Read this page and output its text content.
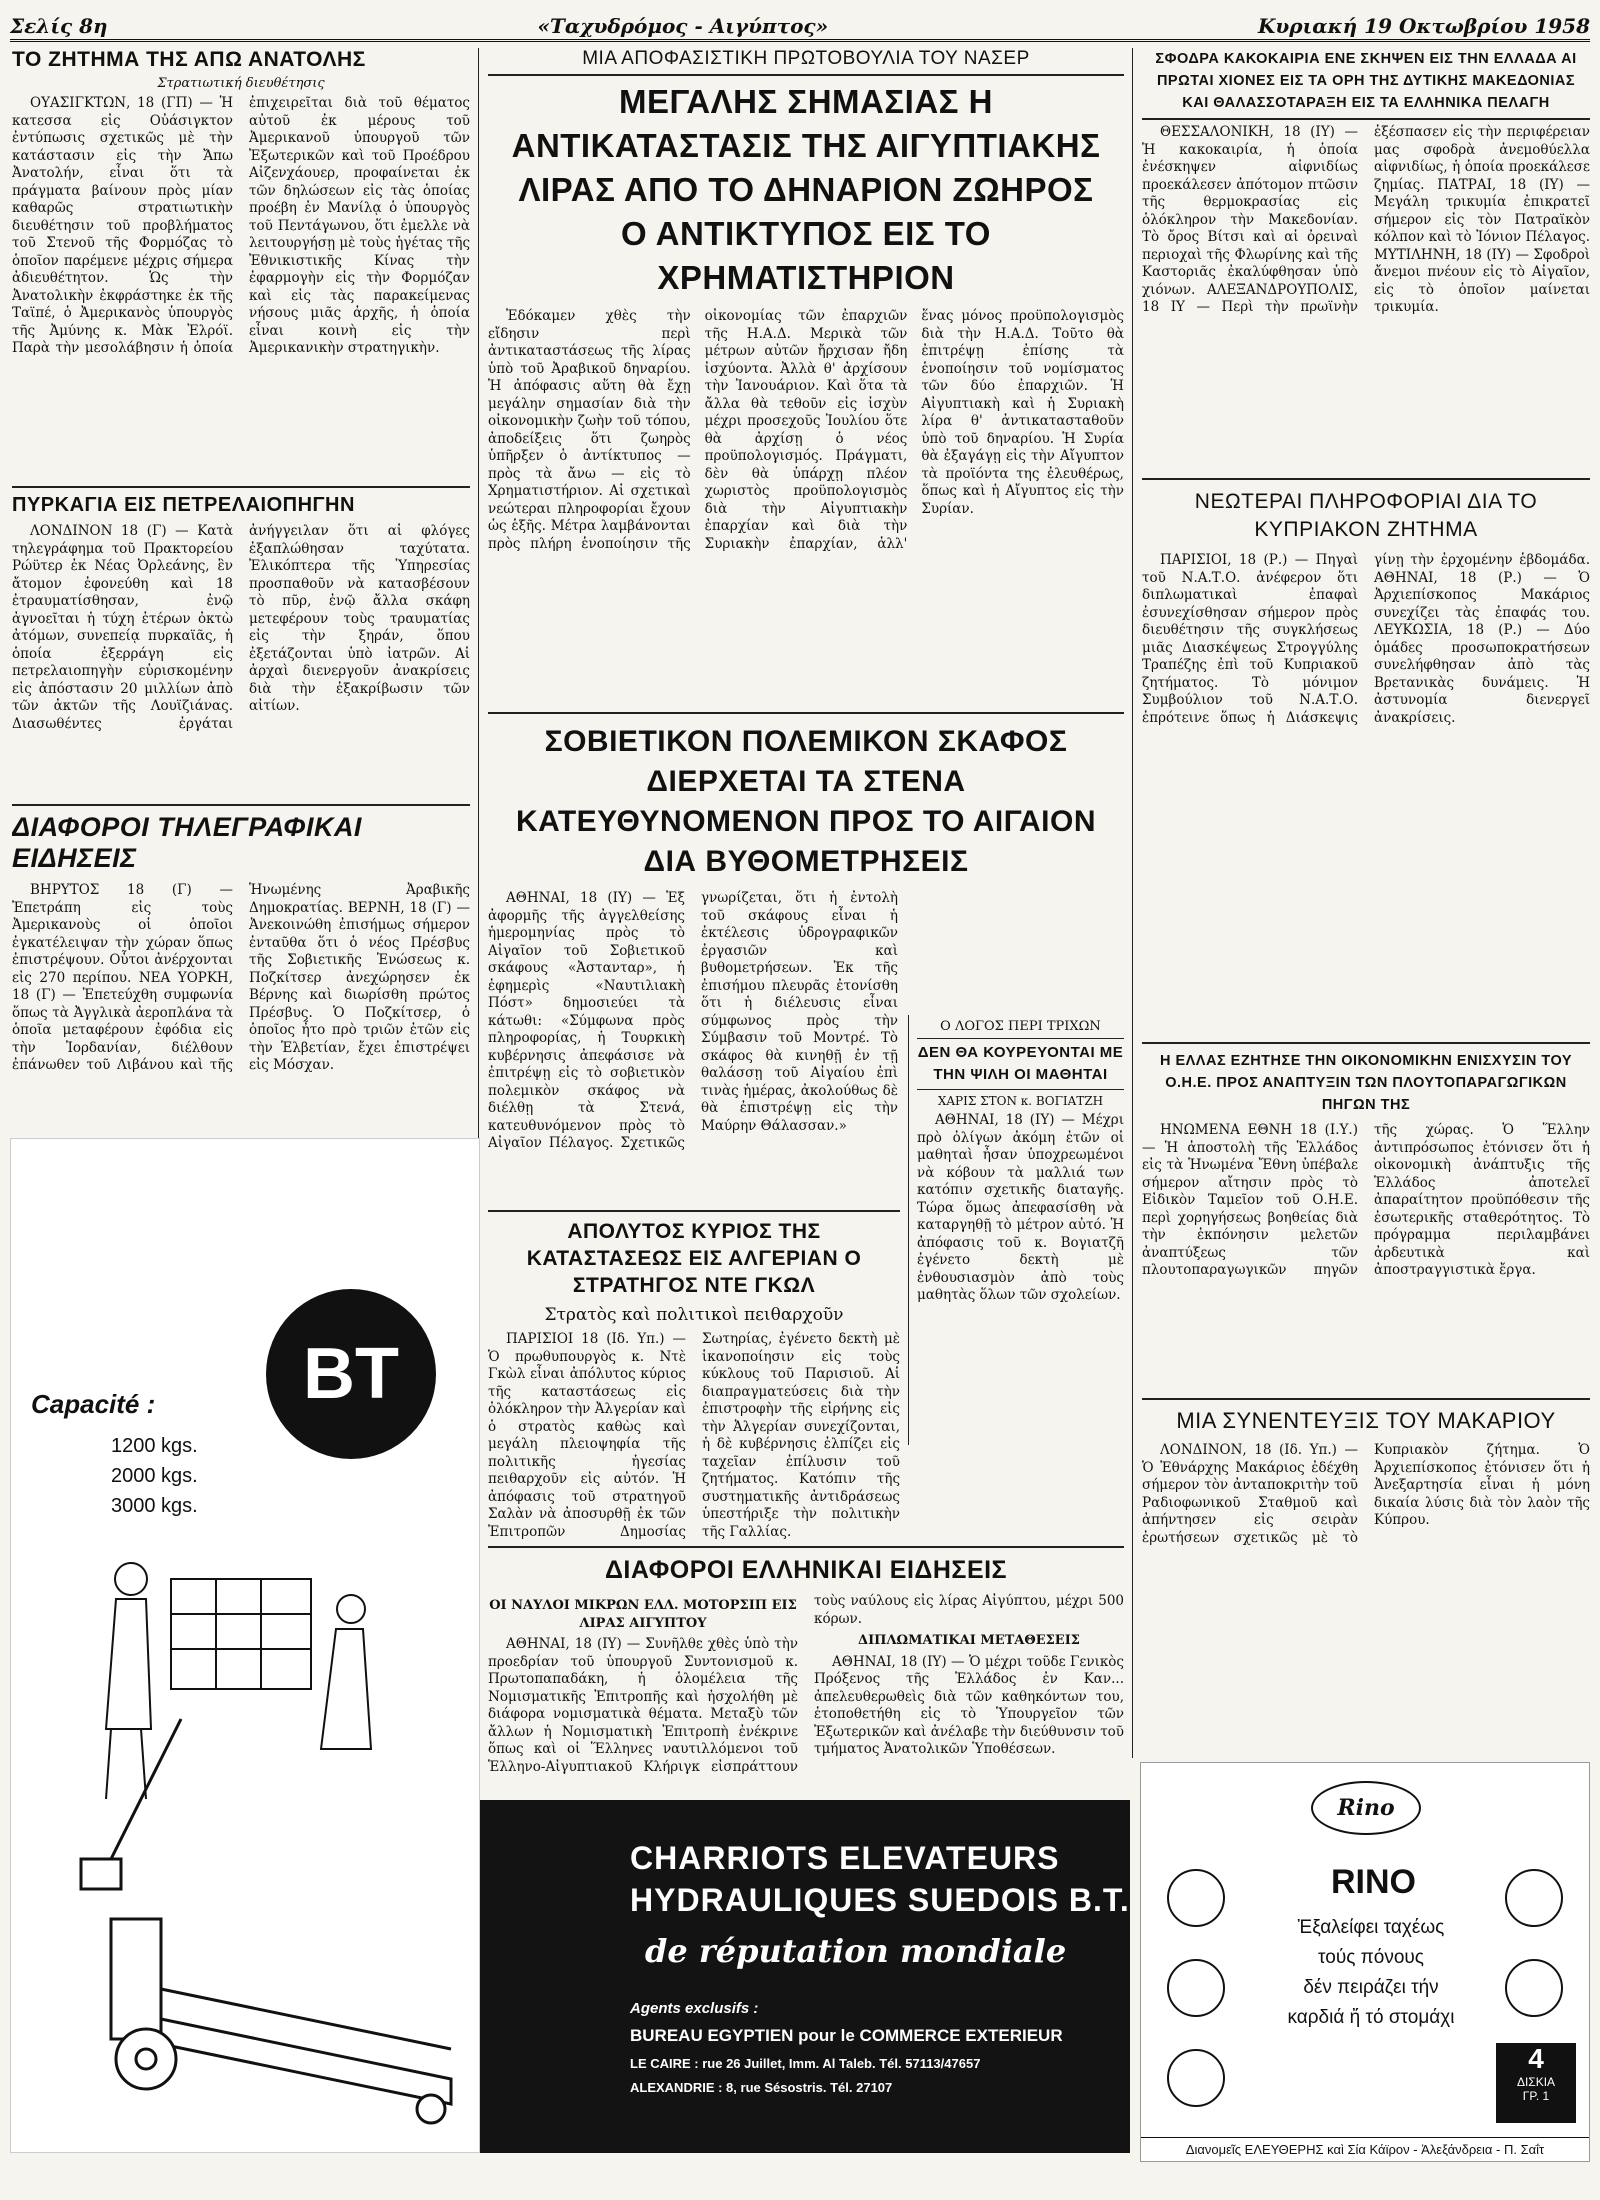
Σελίς 8η	«Ταχυδρόμος - Αιγύπτος»	Κυριακή 19 Οκτωβρίου 1958
ΤΟ ΖΗΤΗΜΑ ΤΗΣ ΑΠΩ ΑΝΑΤΟΛΗΣ
Στρατιωτική διευθέτησις

ΟΥΑΣΙΓΚΤΩΝ, 18 (ΓΠ) — Ἡ κατεσσα εἰς Οὐάσιγκτον ἐντύπωσις σχετικῶς μὲ τὴν κατάστασιν εἰς τὴν Ἄπω Ἀνατολήν, εἶναι ὅτι τὰ πράγματα βαίνουν πρὸς μίαν καθαρῶς στρατιωτικὴν διευθέτησιν τοῦ προβλήματος τοῦ Στενοῦ τῆς Φορμόζας τὸ ὁποῖον παρέμενε μέχρις σήμερα ἀδιευθέτητον. Ὡς τὴν Ἀνατολικὴν ἐκφράστηκε ἐκ τῆς Ταϊπέ, ὁ Ἀμερικανὸς ὑπουργὸς τῆς Ἀμύνης κ. Μὰκ Ἐλρόϊ. Παρὰ τὴν μεσολάβησιν ἡ ὁποία ἐπιχειρεῖται διὰ τοῦ θέματος αὐτοῦ ἐκ μέρους τοῦ Ἀμερικανοῦ ὑπουργοῦ τῶν Ἐξωτερικῶν καὶ τοῦ Προέδρου Αἰζενχάουερ, προφαίνεται ἐκ τῶν δηλώσεων εἰς τὰς ὁποίας προέβη ἐν Μανίλᾳ ὁ ὑπουργὸς τοῦ Πεντάγωνου, ὅτι ἐμελλε νὰ λειτουργήσῃ μὲ τοὺς ἡγέτας τῆς Ἐθνικιστικῆς Κίνας τὴν ἐφαρμογὴν εἰς τὴν Φορμόζαν καὶ εἰς τὰς παρακείμενας νήσους μιᾶς ἀρχῆς, ἡ ὁποία εἶναι κοινὴ εἰς τὴν Ἀμερικανικὴν στρατηγικὴν.

ΠΥΡΚΑΓΙΑ ΕΙΣ ΠΕΤΡΕΛΑΙΟΠΗΓΗΝ

ΛΟΝΔΙΝΟΝ 18 (Γ) — Κατὰ τηλεγράφημα τοῦ Πρακτορείου Ρώϋτερ ἐκ Νέας Ὀρλεάνης, ἓν ἄτομον ἐφονεύθη καὶ 18 ἐτραυματίσθησαν, ἐνῷ ἀγνοεῖται ἡ τύχη ἑτέρων ὀκτὼ ἀτόμων, συνεπείᾳ πυρκαϊᾶς, ἡ ὁποία ἐξερράγη εἰς πετρελαιοπηγὴν εὑρισκομένην εἰς ἀπόστασιν 20 μιλλίων ἀπὸ τῶν ἀκτῶν τῆς Λουϊζιάνας. Διασωθέντες ἐργάται ἀνήγγειλαν ὅτι αἱ φλόγες ἐξαπλώθησαν ταχύτατα. Ἐλικόπτερα τῆς Ὑπηρεσίας προσπαθοῦν νὰ κατασβέσουν τὸ πῦρ, ἐνῷ ἄλλα σκάφη μετεφέρουν τοὺς τραυματίας εἰς τὴν ξηράν, ὅπου ἐξετάζονται ὑπὸ ἰατρῶν. Αἱ ἀρχαὶ διενεργοῦν ἀνακρίσεις διὰ τὴν ἐξακρίβωσιν τῶν αἰτίων.

ΔΙΑΦΟΡΟΙ ΤΗΛΕΓΡΑΦΙΚΑΙ ΕΙΔΗΣΕΙΣ

ΒΗΡΥΤΟΣ 18 (Γ) — Ἐπετράπη εἰς τοὺς Ἀμερικανοὺς οἱ ὁποῖοι ἐγκατέλειψαν τὴν χώραν ὅπως ἐπιστρέψουν. Οὗτοι ἀνέρχονται εἰς 270 περίπου. ΝΕΑ ΥΟΡΚΗ, 18 (Γ) — Ἐπετεύχθη συμφωνία ὅπως τὰ Ἀγγλικὰ ἀεροπλάνα τὰ ὁποῖα μεταφέρουν ἐφόδια εἰς τὴν Ἰορδανίαν, διέλθουν ἐπάνωθεν τοῦ Λιβάνου καὶ τῆς Ἡνωμένης Ἀραβικῆς Δημοκρατίας. ΒΕΡΝΗ, 18 (Γ) — Ἀνεκοινώθη ἐπισήμως σήμερον ἐνταῦθα ὅτι ὁ νέος Πρέσβυς τῆς Σοβιετικῆς Ἑνώσεως κ. Ποζκίτσερ ἀνεχώρησεν ἐκ Βέρνης καὶ διωρίσθη πρώτος Πρέσβυς. Ὁ Ποζκίτσερ, ὁ ὁποῖος ἦτο πρὸ τριῶν ἐτῶν εἰς τὴν Ἑλβετίαν, ἔχει ἐπιστρέψει εἰς Μόσχαν.

Capacité :
1200 kgs.
2000 kgs.
3000 kgs.
BT
ΜΙΑ ΑΠΟΦΑΣΙΣΤΙΚΗ ΠΡΩΤΟΒΟΥΛΙΑ ΤΟΥ ΝΑΣΕΡ
ΜΕΓΑΛΗΣ ΣΗΜΑΣΙΑΣ Η ΑΝΤΙΚΑΤΑΣΤΑΣΙΣ ΤΗΣ ΑΙΓΥΠΤΙΑΚΗΣ ΛΙΡΑΣ ΑΠΟ ΤΟ ΔΗΝΑΡΙΟΝ ΖΩΗΡΟΣ Ο ΑΝΤΙΚΤΥΠΟΣ ΕΙΣ ΤΟ ΧΡΗΜΑΤΙΣΤΗΡΙΟΝ

Ἐδόκαμεν χθὲς τὴν εἴδησιν περὶ ἀντικαταστάσεως τῆς λίρας ὑπὸ τοῦ Ἀραβικοῦ δηναρίου. Ἡ ἀπόφασις αὕτη θὰ ἔχῃ μεγάλην σημασίαν διὰ τὴν οἰκονομικὴν ζωὴν τοῦ τόπου, ἀποδείξεις ὅτι ζωηρὸς ὑπῆρξεν ὁ ἀντίκτυπος — πρὸς τὰ ἄνω — εἰς τὸ Χρηματιστήριον. Αἱ σχετικαὶ νεώτεραι πληροφορίαι ἔχουν ὡς ἑξῆς. Μέτρα λαμβάνονται πρὸς πλήρη ἑνοποίησιν τῆς οἰκονομίας τῶν ἐπαρχιῶν τῆς Η.Α.Δ. Μερικὰ τῶν μέτρων αὐτῶν ἤρχισαν ἤδη ἰσχύοντα. Ἀλλὰ θ' ἀρχίσουν τὴν Ἰανουάριον. Καὶ ὅτα τὰ ἄλλα θὰ τεθοῦν εἰς ἰσχὺν μέχρι προσεχοῦς Ἰουλίου ὅτε θὰ ἀρχίσῃ ὁ νέος προϋπολογισμός. Πράγματι, δὲν θὰ ὑπάρχῃ πλέον χωριστὸς προϋπολογισμὸς διὰ τὴν Αἰγυπτιακὴν ἐπαρχίαν καὶ διὰ τὴν Συριακὴν ἐπαρχίαν, ἀλλ' ἕνας μόνος προϋπολογισμὸς διὰ τὴν Η.Α.Δ. Τοῦτο θὰ ἐπιτρέψῃ ἐπίσης τὰ ἑνοποίησιν τοῦ νομίσματος τῶν δύο ἐπαρχιῶν. Ἡ Αἰγυπτιακὴ καὶ ἡ Συριακὴ λίρα θ' ἀντικατασταθοῦν ὑπὸ τοῦ δηναρίου. Ἡ Συρία θὰ ἐξαγάγῃ εἰς τὴν Αἴγυπτον τὰ προϊόντα της ἐλευθέρως, ὅπως καὶ ἡ Αἴγυπτος εἰς τὴν Συρίαν.

ΣΟΒΙΕΤΙΚΟΝ ΠΟΛΕΜΙΚΟΝ ΣΚΑΦΟΣ ΔΙΕΡΧΕΤΑΙ ΤΑ ΣΤΕΝΑ ΚΑΤΕΥΘΥΝΟΜΕΝΟΝ ΠΡΟΣ ΤΟ ΑΙΓΑΙΟΝ ΔΙΑ ΒΥΘΟΜΕΤΡΗΣΕΙΣ

ΑΘΗΝΑΙ, 18 (ΙΥ) — Ἐξ ἀφορμῆς τῆς ἀγγελθείσης ἡμερομηνίας πρὸς τὸ Αἰγαῖον τοῦ Σοβιετικοῦ σκάφους «Ἀστανταρ», ἡ ἐφημερὶς «Ναυτιλιακὴ Πόστ» δημοσιεύει τὰ κάτωθι: «Σύμφωνα πρὸς πληροφορίας, ἡ Τουρκικὴ κυβέρνησις ἀπεφάσισε νὰ ἐπιτρέψῃ εἰς τὸ σοβιετικὸν πολεμικὸν σκάφος νὰ διέλθῃ τὰ Στενά, κατευθυνόμενον πρὸς τὸ Αἰγαῖον Πέλαγος. Σχετικῶς γνωρίζεται, ὅτι ἡ ἐντολὴ τοῦ σκάφους εἶναι ἡ ἐκτέλεσις ὑδρογραφικῶν ἐργασιῶν καὶ βυθομετρήσεων. Ἐκ τῆς ἐπισήμου πλευρᾶς ἐτονίσθη ὅτι ἡ διέλευσις εἶναι σύμφωνος πρὸς τὴν Σύμβασιν τοῦ Μοντρέ. Τὸ σκάφος θὰ κινηθῇ ἐν τῇ θαλάσσῃ τοῦ Αἰγαίου ἐπὶ τινὰς ἡμέρας, ἀκολούθως δὲ θὰ ἐπιστρέψῃ εἰς τὴν Μαύρην Θάλασσαν.»

Ο ΛΟΓΟΣ ΠΕΡΙ ΤΡΙΧΩΝ
ΔΕΝ ΘΑ ΚΟΥΡΕΥΟΝΤΑΙ ΜΕ ΤΗΝ ΨΙΛΗ ΟΙ ΜΑΘΗΤΑΙ
ΧΑΡΙΣ ΣΤΟΝ κ. ΒΟΓΙΑΤΖΗ

ΑΘΗΝΑΙ, 18 (ΙΥ) — Μέχρι πρὸ ὀλίγων ἀκόμη ἐτῶν οἱ μαθηταὶ ἦσαν ὑποχρεωμένοι νὰ κόβουν τὰ μαλλιά των κατόπιν σχετικῆς διαταγῆς. Τώρα ὅμως ἀπεφασίσθη νὰ καταργηθῇ τὸ μέτρον αὐτό. Ἡ ἀπόφασις τοῦ κ. Βογιατζῆ ἐγένετο δεκτὴ μὲ ἐνθουσιασμὸν ἀπὸ τοὺς μαθητὰς ὅλων τῶν σχολείων.

ΑΠΟΛΥΤΟΣ ΚΥΡΙΟΣ ΤΗΣ ΚΑΤΑΣΤΑΣΕΩΣ ΕΙΣ ΑΛΓΕΡΙΑΝ Ο ΣΤΡΑΤΗΓΟΣ ΝΤΕ ΓΚΩΛ
Στρατὸς καὶ πολιτικοὶ πειθαρχοῦν

ΠΑΡΙΣΙΟΙ 18 (Ιδ. Υπ.) — Ὁ πρωθυπουργὸς κ. Ντὲ Γκὼλ εἶναι ἀπόλυτος κύριος τῆς καταστάσεως εἰς ὁλόκληρον τὴν Ἀλγερίαν καὶ ὁ στρατὸς καθὼς καὶ μεγάλη πλειοψηφία τῆς πολιτικῆς ἡγεσίας πειθαρχοῦν εἰς αὐτόν. Ἡ ἀπόφασις τοῦ στρατηγοῦ Σαλὰν νὰ ἀποσυρθῇ ἐκ τῶν Ἐπιτροπῶν Δημοσίας Σωτηρίας, ἐγένετο δεκτὴ μὲ ἱκανοποίησιν εἰς τοὺς κύκλους τοῦ Παρισιοῦ. Αἱ διαπραγματεύσεις διὰ τὴν ἐπιστροφὴν τῆς εἰρήνης εἰς τὴν Ἀλγερίαν συνεχίζονται, ἡ δὲ κυβέρνησις ἐλπίζει εἰς ταχεῖαν ἐπίλυσιν τοῦ ζητήματος. Κατόπιν τῆς συστηματικῆς ἀντιδράσεως ὑπεστήριξε τὴν πολιτικὴν τῆς Γαλλίας.

ΔΙΑΦΟΡΟΙ ΕΛΛΗΝΙΚΑΙ ΕΙΔΗΣΕΙΣ
ΟΙ ΝΑΥΛΟΙ ΜΙΚΡΩΝ ΕΛΛ. ΜΟΤΟΡΣΙΠ ΕΙΣ ΛΙΡΑΣ ΑΙΓΥΠΤΟΥ

ΑΘΗΝΑΙ, 18 (ΙΥ) — Συνῆλθε χθὲς ὑπὸ τὴν προεδρίαν τοῦ ὑπουργοῦ Συντονισμοῦ κ. Πρωτοπαπαδάκη, ἡ ὁλομέλεια τῆς Νομισματικῆς Ἐπιτροπῆς καὶ ἠσχολήθη μὲ διάφορα νομισματικὰ θέματα. Μεταξὺ τῶν ἄλλων ἡ Νομισματικὴ Ἐπιτροπὴ ἐνέκρινε ὅπως καὶ οἱ Ἕλληνες ναυτιλλόμενοι τοῦ Ἑλληνο-Αἰγυπτιακοῦ Κλήριγκ εἰσπράττουν τοὺς ναύλους εἰς λίρας Αἰγύπτου, μέχρι 500 κόρων.

ΔΙΠΛΩΜΑΤΙΚΑΙ ΜΕΤΑΘΕΣΕΙΣ

ΑΘΗΝΑΙ, 18 (ΙΥ) — Ὁ μέχρι τοῦδε Γενικὸς Πρόξενος τῆς Ἑλλάδος ἐν Καν... ἀπελευθερωθεὶς διὰ τῶν καθηκόντων του, ἐτοποθετήθη εἰς τὸ Ὑπουργεῖον τῶν Ἐξωτερικῶν καὶ ἀνέλαβε τὴν διεύθυνσιν τοῦ τμήματος Ἀνατολικῶν Ὑποθέσεων.

CHARRIOTS ELEVATEURS
HYDRAULIQUES SUEDOIS B.T.
de réputation mondiale
Agents exclusifs :
BUREAU EGYPTIEN pour le COMMERCE EXTERIEUR
LE CAIRE : rue 26 Juillet, Imm. Al Taleb. Tél. 57113/47657
ALEXANDRIE : 8, rue Sésostris. Tél. 27107
ΣΦΟΔΡΑ ΚΑΚΟΚΑΙΡΙΑ ΕΝΕ ΣΚΗΨΕΝ ΕΙΣ ΤΗΝ ΕΛΛΑΔΑ ΑΙ ΠΡΩΤΑΙ ΧΙΟΝΕΣ ΕΙΣ ΤΑ ΟΡΗ ΤΗΣ ΔΥΤΙΚΗΣ ΜΑΚΕΔΟΝΙΑΣ ΚΑΙ ΘΑΛΑΣΣΟΤΑΡΑΞΗ ΕΙΣ ΤΑ ΕΛΛΗΝΙΚΑ ΠΕΛΑΓΗ

ΘΕΣΣΑΛΟΝΙΚΗ, 18 (ΙΥ) — Ἡ κακοκαιρία, ἡ ὁποία ἐνέσκηψεν αἰφνιδίως προεκάλεσεν ἀπότομον πτῶσιν τῆς θερμοκρασίας εἰς ὁλόκληρον τὴν Μακεδονίαν. Τὸ ὄρος Βίτσι καὶ αἱ ὀρειναὶ περιοχαὶ τῆς Φλωρίνης καὶ τῆς Καστοριᾶς ἐκαλύφθησαν ὑπὸ χιόνων. ΑΛΕΞΑΝΔΡΟΥΠΟΛΙΣ, 18 ΙΥ — Περὶ τὴν πρωϊνὴν ἐξέσπασεν εἰς τὴν περιφέρειαν μας σφοδρὰ ἀνεμοθύελλα αἰφνιδίως, ἡ ὁποία προεκάλεσε ζημίας. ΠΑΤΡΑΙ, 18 (ΙΥ) — Μεγάλη τρικυμία ἐπικρατεῖ σήμερον εἰς τὸν Πατραϊκὸν κόλπον καὶ τὸ Ἰόνιον Πέλαγος. ΜΥΤΙΛΗΝΗ, 18 (ΙΥ) — Σφοδροὶ ἄνεμοι πνέουν εἰς τὸ Αἰγαῖον, εἰς τὸ ὁποῖον μαίνεται τρικυμία.

ΝΕΩΤΕΡΑΙ ΠΛΗΡΟΦΟΡΙΑΙ ΔΙΑ ΤΟ ΚΥΠΡΙΑΚΟΝ ΖΗΤΗΜΑ

ΠΑΡΙΣΙΟΙ, 18 (Ρ.) — Πηγαὶ τοῦ Ν.Α.Τ.Ο. ἀνέφερον ὅτι διπλωματικαὶ ἐπαφαὶ ἐσυνεχίσθησαν σήμερον πρὸς διευθέτησιν τῆς συγκλήσεως μιᾶς Διασκέψεως Στρογγύλης Τραπέζης ἐπὶ τοῦ Κυπριακοῦ ζητήματος. Τὸ μόνιμον Συμβούλιον τοῦ Ν.Α.Τ.Ο. ἐπρότεινε ὅπως ἡ Διάσκεψις γίνῃ τὴν ἐρχομένην ἑβδομάδα. ΑΘΗΝΑΙ, 18 (Ρ.) — Ὁ Ἀρχιεπίσκοπος Μακάριος συνεχίζει τὰς ἐπαφάς του. ΛΕΥΚΩΣΙΑ, 18 (Ρ.) — Δύο ὁμάδες προσωποκρατήσεων συνελήφθησαν ἀπὸ τὰς Βρετανικὰς δυνάμεις. Ἡ ἀστυνομία διενεργεῖ ἀνακρίσεις.

Η ΕΛΛΑΣ ΕΖΗΤΗΣΕ ΤΗΝ ΟΙΚΟΝΟΜΙΚΗΝ ΕΝΙΣΧΥΣΙΝ ΤΟΥ Ο.Η.Ε. ΠΡΟΣ ΑΝΑΠΤΥΞΙΝ ΤΩΝ ΠΛΟΥΤΟΠΑΡΑΓΩΓΙΚΩΝ ΠΗΓΩΝ ΤΗΣ

ΗΝΩΜΕΝΑ ΕΘΝΗ 18 (Ι.Υ.) — Ἡ ἀποστολὴ τῆς Ἑλλάδος εἰς τὰ Ἡνωμένα Ἔθνη ὑπέβαλε σήμερον αἴτησιν πρὸς τὸ Εἰδικὸν Ταμεῖον τοῦ Ο.Η.Ε. περὶ χορηγήσεως βοηθείας διὰ τὴν ἐκπόνησιν μελετῶν ἀναπτύξεως τῶν πλουτοπαραγωγικῶν πηγῶν τῆς χώρας. Ὁ Ἕλλην ἀντιπρόσωπος ἐτόνισεν ὅτι ἡ οἰκονομικὴ ἀνάπτυξις τῆς Ἑλλάδος ἀποτελεῖ ἀπαραίτητον προϋπόθεσιν τῆς ἐσωτερικῆς σταθερότητος. Τὸ πρόγραμμα περιλαμβάνει ἀρδευτικὰ καὶ ἀποστραγγιστικὰ ἔργα.

ΜΙΑ ΣΥΝΕΝΤΕΥΞΙΣ ΤΟΥ ΜΑΚΑΡΙΟΥ

ΛΟΝΔΙΝΟΝ, 18 (Ιδ. Υπ.) — Ὁ Ἐθνάρχης Μακάριος ἐδέχθη σήμερον τὸν ἀνταποκριτὴν τοῦ Ραδιοφωνικοῦ Σταθμοῦ καὶ ἀπήντησεν εἰς σειρὰν ἐρωτήσεων σχετικῶς μὲ τὸ Κυπριακὸν ζήτημα. Ὁ Ἀρχιεπίσκοπος ἐτόνισεν ὅτι ἡ Ἀνεξαρτησία εἶναι ἡ μόνη δικαία λύσις διὰ τὸν λαὸν τῆς Κύπρου.

Rino
RINO
Ἐξαλείφει ταχέως
τούς πόνους
δέν πειράζει τήν
καρδιά ἤ τό στομάχι
4
ΔΙΣΚΙΑ
ΓΡ. 1
Διανομεῖς ΕΛΕΥΘΕΡΗΣ καὶ Σία Κάϊρον - Ἀλεξάνδρεια - Π. Σαΐτ
